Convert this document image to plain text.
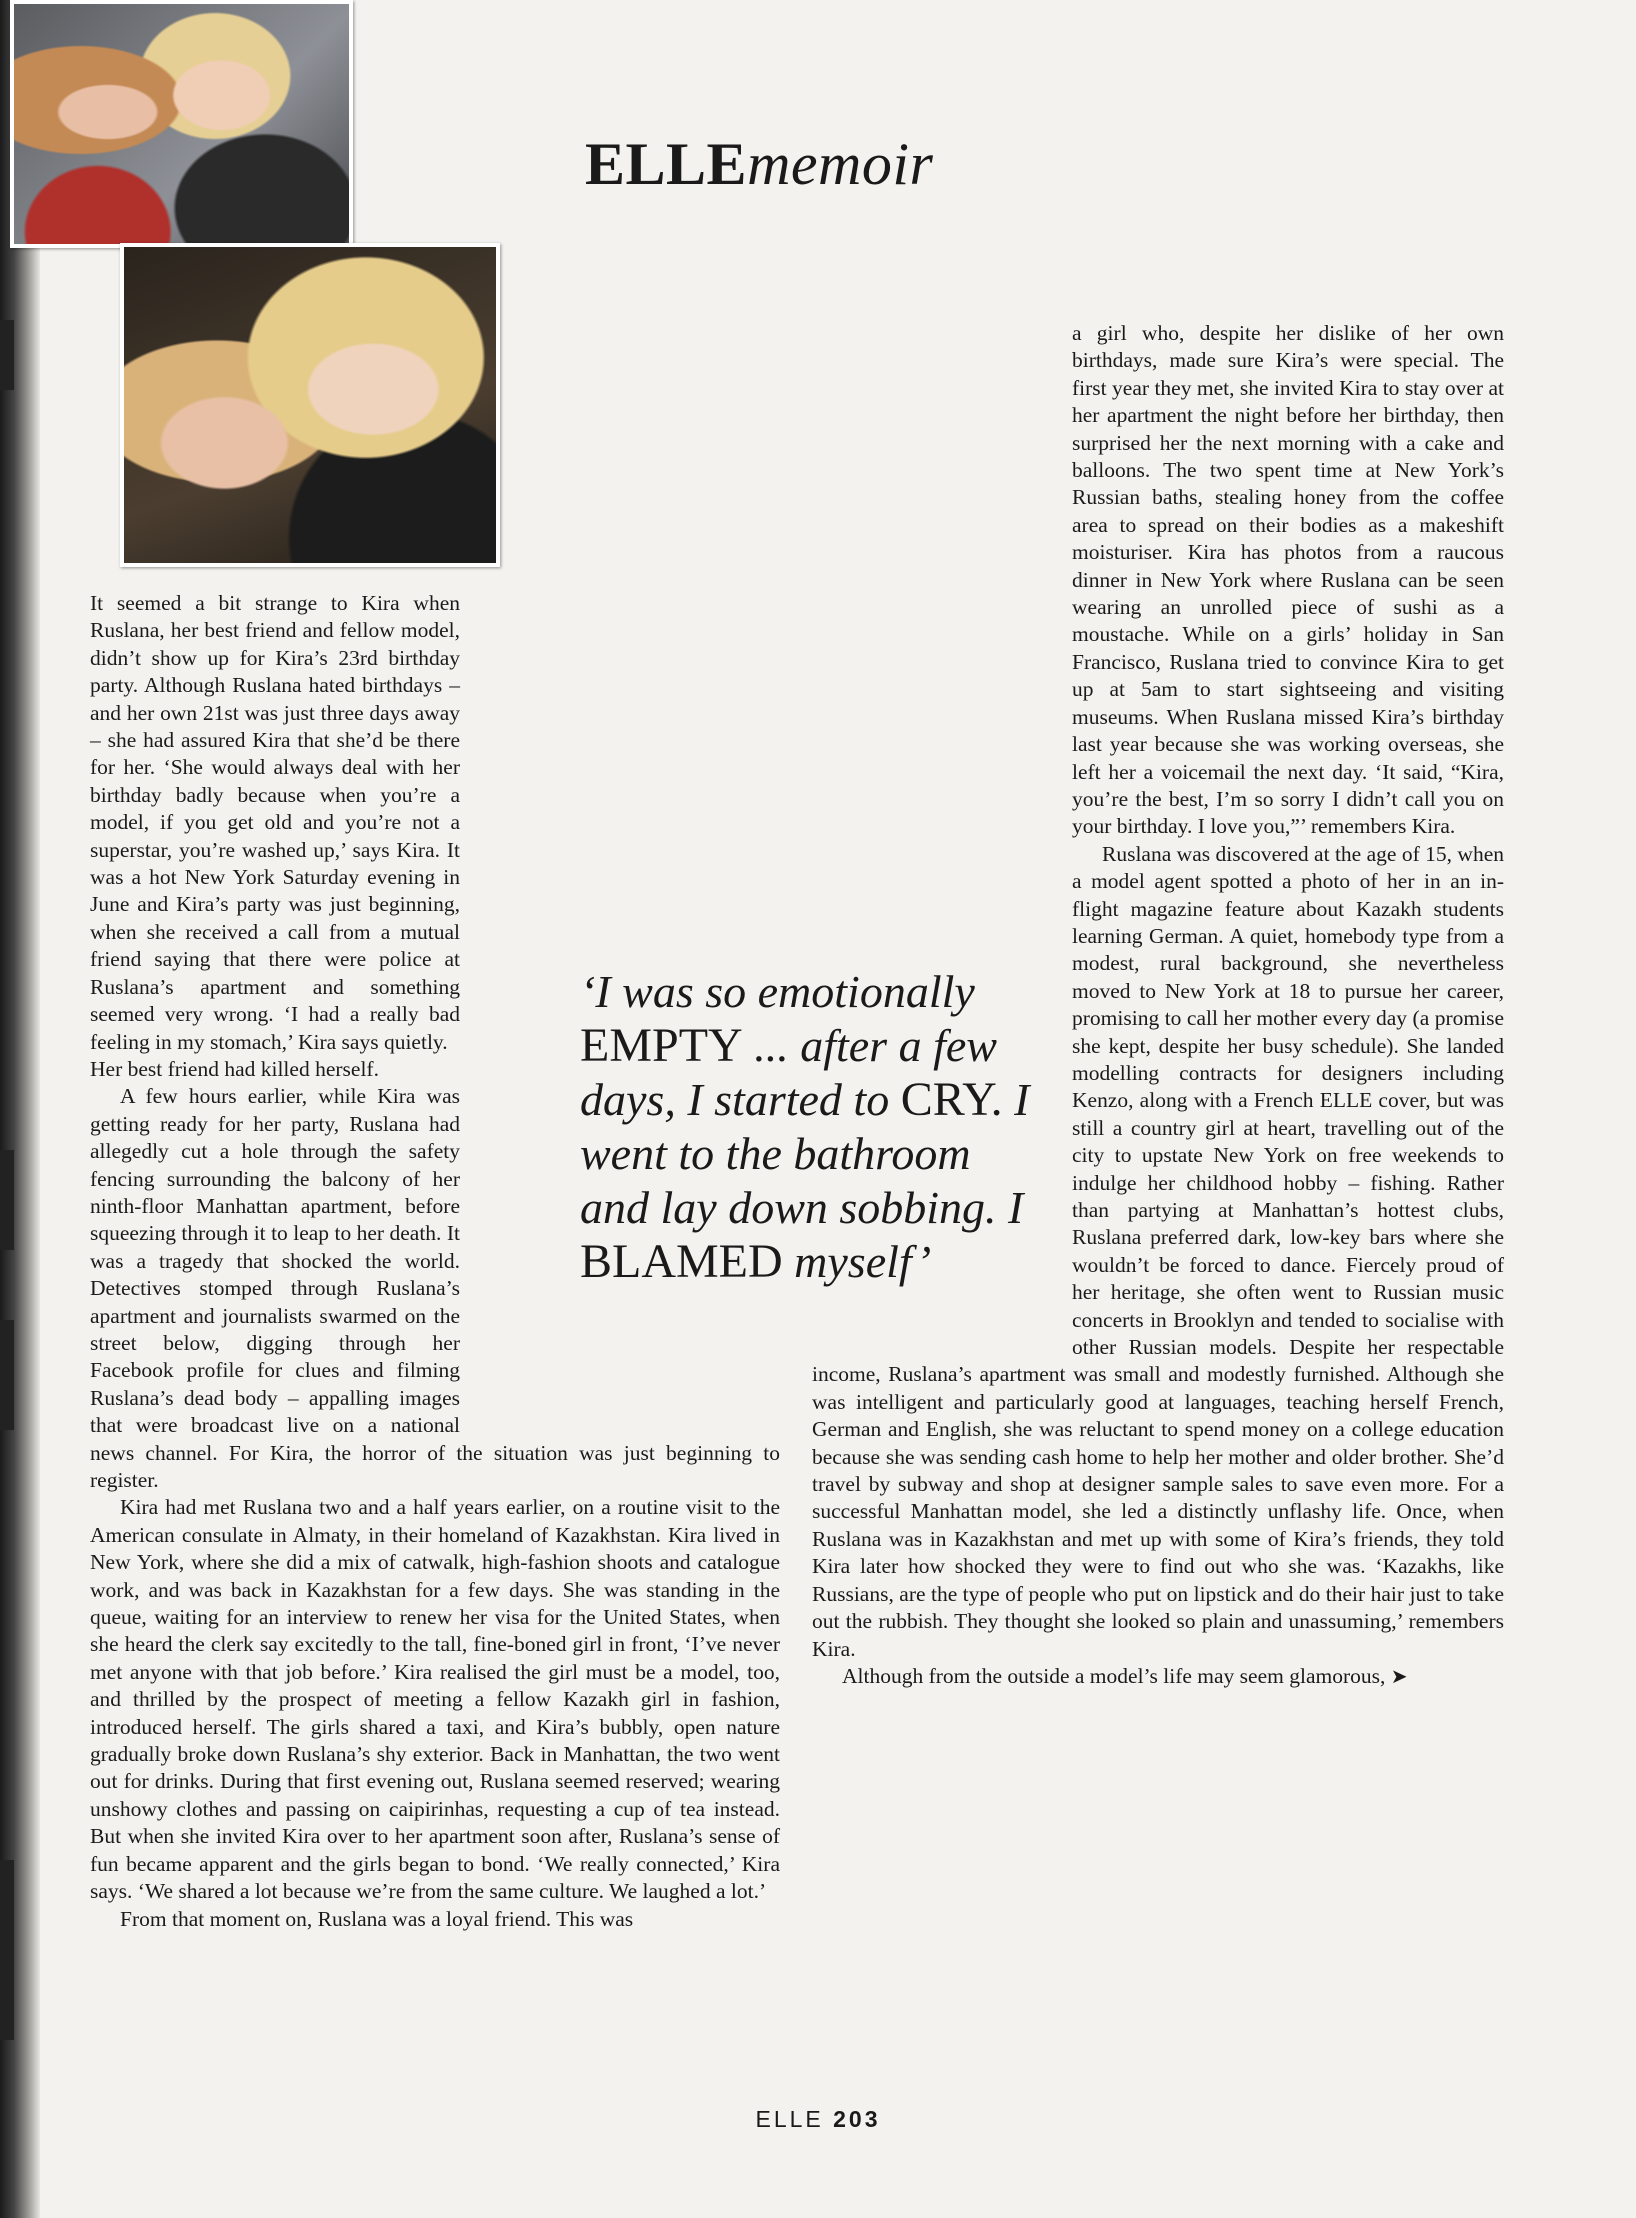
ELLEmemoir

It seemed a bit strange to Kira when Ruslana, her best friend and fellow model, didn’t show up for Kira’s 23rd birthday party. Although Ruslana hated birthdays – and her own 21st was just three days away – she had assured Kira that she’d be there for her. ‘She would always deal with her birthday badly because when you’re a model, if you get old and you’re not a superstar, you’re washed up,’ says Kira. It was a hot New York Saturday evening in June and Kira’s party was just beginning, when she received a call from a mutual friend saying that there were police at Ruslana’s apartment and something seemed very wrong. ‘I had a really bad feeling in my stomach,’ Kira says quietly.

Her best friend had killed herself.

A few hours earlier, while Kira was getting ready for her party, Ruslana had allegedly cut a hole through the safety fencing surrounding the balcony of her ninth-floor Manhattan apartment, before squeezing through it to leap to her death. It was a tragedy that shocked the world. Detectives stomped through Ruslana’s apartment and journalists swarmed on the street below, digging through her Facebook profile for clues and filming Ruslana’s dead body – appalling images that were broadcast live on a national news channel. For Kira, the horror of the situation was just beginning to register.

Kira had met Ruslana two and a half years earlier, on a routine visit to the American consulate in Almaty, in their homeland of Kazakhstan. Kira lived in New York, where she did a mix of catwalk, high-fashion shoots and catalogue work, and was back in Kazakhstan for a few days. She was standing in the queue, waiting for an interview to renew her visa for the United States, when she heard the clerk say excitedly to the tall, fine-boned girl in front, ‘I’ve never met anyone with that job before.’ Kira realised the girl must be a model, too, and thrilled by the prospect of meeting a fellow Kazakh girl in fashion, introduced herself. The girls shared a taxi, and Kira’s bubbly, open nature gradually broke down Ruslana’s shy exterior. Back in Manhattan, the two went out for drinks. During that first evening out, Ruslana seemed reserved; wearing unshowy clothes and passing on caipirinhas, requesting a cup of tea instead. But when she invited Kira over to her apartment soon after, Ruslana’s sense of fun became apparent and the girls began to bond. ‘We really connected,’ Kira says. ‘We shared a lot because we’re from the same culture. We laughed a lot.’

From that moment on, Ruslana was a loyal friend. This was

a girl who, despite her dislike of her own birthdays, made sure Kira’s were special. The first year they met, she invited Kira to stay over at her apartment the night before her birthday, then surprised her the next morning with a cake and balloons. The two spent time at New York’s Russian baths, stealing honey from the coffee area to spread on their bodies as a makeshift moisturiser. Kira has photos from a raucous dinner in New York where Ruslana can be seen wearing an unrolled piece of sushi as a moustache. While on a girls’ holiday in San Francisco, Ruslana tried to convince Kira to get up at 5am to start sightseeing and visiting museums. When Ruslana missed Kira’s birthday last year because she was working overseas, she left her a voicemail the next day. ‘It said, “Kira, you’re the best, I’m so sorry I didn’t call you on your birthday. I love you,”’ remembers Kira.

Ruslana was discovered at the age of 15, when a model agent spotted a photo of her in an in-flight magazine feature about Kazakh students learning German. A quiet, homebody type from a modest, rural background, she nevertheless moved to New York at 18 to pursue her career, promising to call her mother every day (a promise she kept, despite her busy schedule). She landed modelling contracts for designers including Kenzo, along with a French ELLE cover, but was still a country girl at heart, travelling out of the city to upstate New York on free weekends to indulge her childhood hobby – fishing. Rather than partying at Manhattan’s hottest clubs, Ruslana preferred dark, low-key bars where she wouldn’t be forced to dance. Fiercely proud of her heritage, she often went to Russian music concerts in Brooklyn and tended to socialise with other Russian models. Despite her respectable income, Ruslana’s apartment was small and modestly furnished. Although she was intelligent and particularly good at languages, teaching herself French, German and English, she was reluctant to spend money on a college education because she was sending cash home to help her mother and older brother. She’d travel by subway and shop at designer sample sales to save even more. For a successful Manhattan model, she led a distinctly unflashy life. Once, when Ruslana was in Kazakhstan and met up with some of Kira’s friends, they told Kira later how shocked they were to find out who she was. ‘Kazakhs, like Russians, are the type of people who put on lipstick and do their hair just to take out the rubbish. They thought she looked so plain and unassuming,’ remembers Kira.

Although from the outside a model’s life may seem glamorous, ➤

‘I was so emotionally EMPTY ... after a few days, I started to CRY. I went to the bathroom and lay down sobbing. I BLAMED myself’
ELLE 203
